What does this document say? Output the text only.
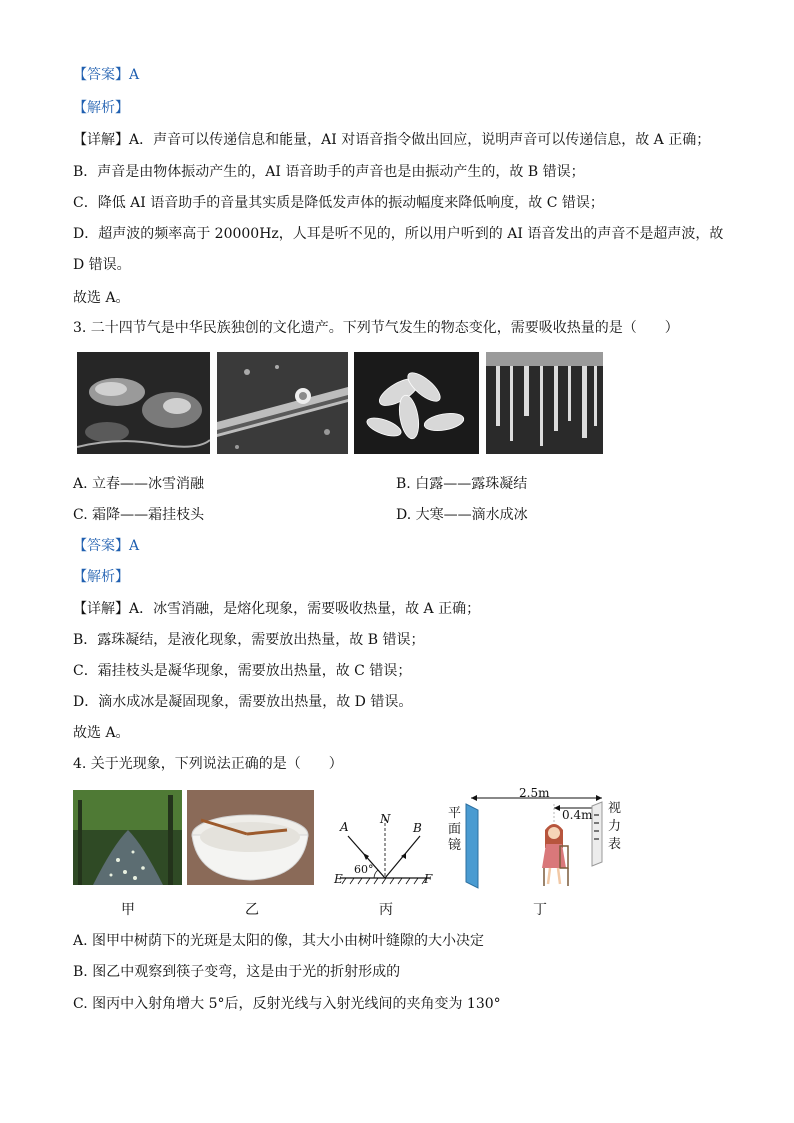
【答案】A
【解析】
【详解】A．声音可以传递信息和能量，AI 对语音指令做出回应，说明声音可以传递信息，故 A 正确；
B．声音是由物体振动产生的，AI 语音助手的声音也是由振动产生的，故 B 错误；
C．降低 AI 语音助手的音量其实质是降低发声体的振动幅度来降低响度，故 C 错误；
D．超声波的频率高于 20000Hz，人耳是听不见的，所以用户听到的 AI 语音发出的声音不是超声波，故
D 错误。
故选 A。
3. 二十四节气是中华民族独创的文化遗产。下列节气发生的物态变化，需要吸收热量的是（　　）
A. 立春——冰雪消融	B. 白露——露珠凝结
C. 霜降——霜挂枝头	D. 大寒——滴水成冰
【答案】A
【解析】
【详解】A．冰雪消融，是熔化现象，需要吸收热量，故 A 正确；
B．露珠凝结，是液化现象，需要放出热量，故 B 错误；
C．霜挂枝头是凝华现象，需要放出热量，故 C 错误；
D．滴水成冰是凝固现象，需要放出热量，故 D 错误。
故选 A。
4. 关于光现象，下列说法正确的是（　　）
A
N
B
60°
E	F
2.5m
0.4m
平
面
镜
视
力
表
甲	乙	丙	丁
A. 图甲中树荫下的光斑是太阳的像，其大小由树叶缝隙的大小决定
B. 图乙中观察到筷子变弯，这是由于光的折射形成的
C. 图丙中入射角增大 5°后，反射光线与入射光线间的夹角变为 130°
